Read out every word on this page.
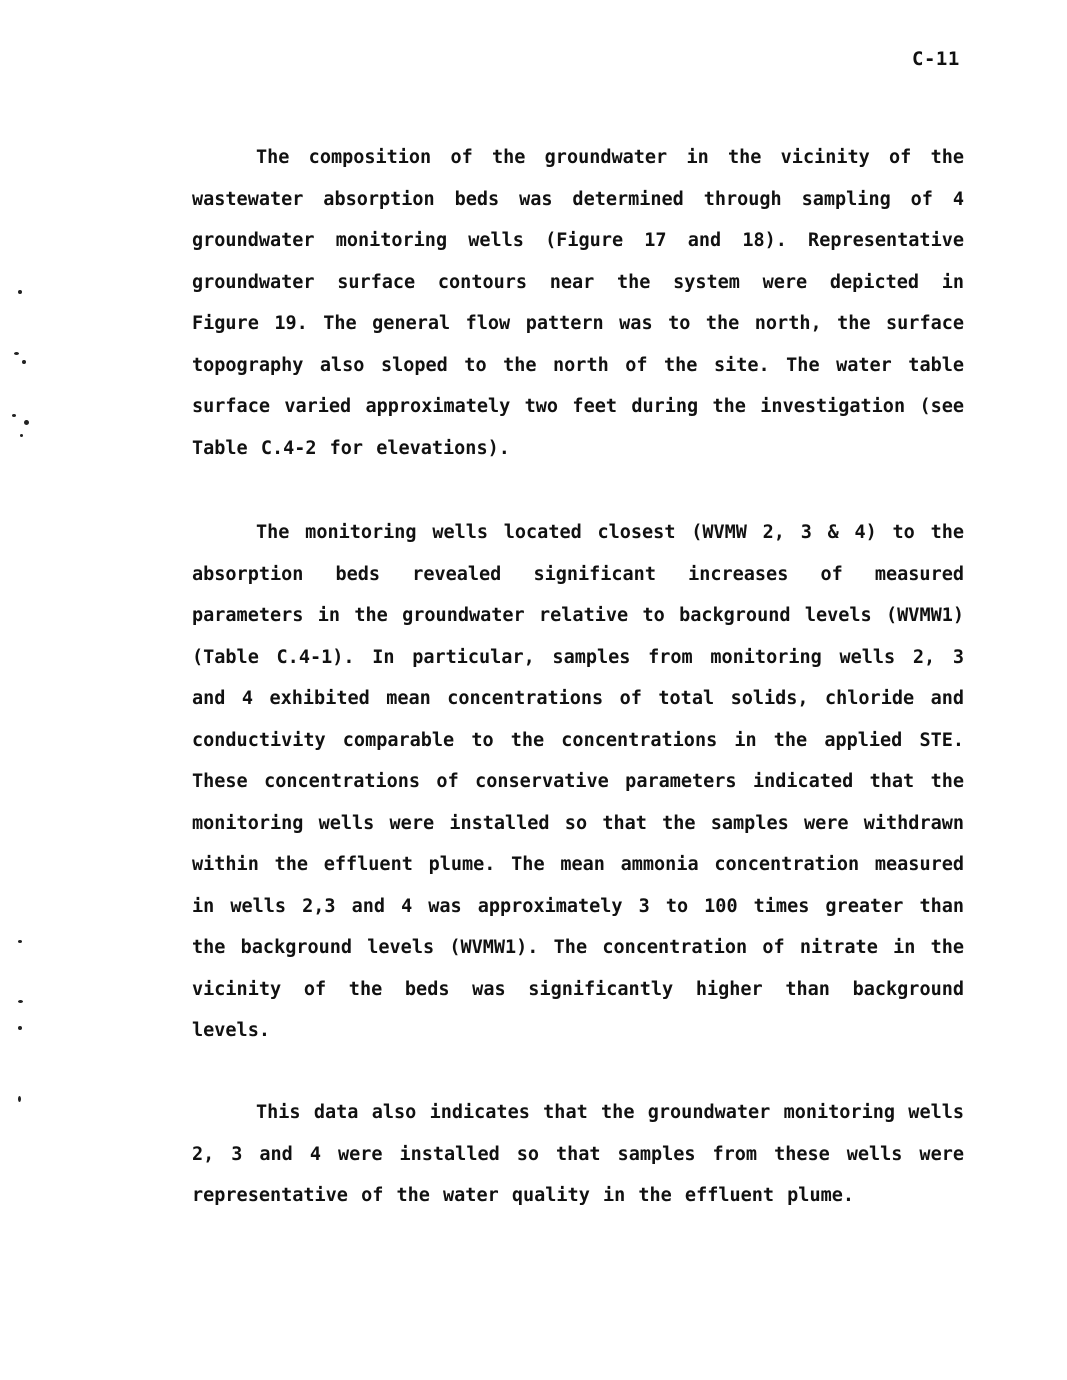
C-11

The composition of the groundwater in the vicinity of the wastewater absorption beds was determined through sampling of 4 groundwater monitoring wells (Figure 17 and 18). Representative groundwater surface contours near the system were depicted in Figure 19. The general flow pattern was to the north, the surface topography also sloped to the north of the site. The water table surface varied approximately two feet during the investigation (see Table C.4-2 for elevations).

The monitoring wells located closest (WVMW 2, 3 & 4) to the absorption beds revealed significant increases of measured parameters in the groundwater relative to background levels (WVMW1) (Table C.4-1). In particular, samples from monitoring wells 2, 3 and 4 exhibited mean concentrations of total solids, chloride and conductivity comparable to the concentrations in the applied STE. These concentrations of conservative parameters indicated that the monitoring wells were installed so that the samples were withdrawn within the effluent plume. The mean ammonia concentration measured in wells 2,3 and 4 was approximately 3 to 100 times greater than the background levels (WVMW1). The concentration of nitrate in the vicinity of the beds was significantly higher than background levels.

This data also indicates that the groundwater monitoring wells 2, 3 and 4 were installed so that samples from these wells were representative of the water quality in the effluent plume.
